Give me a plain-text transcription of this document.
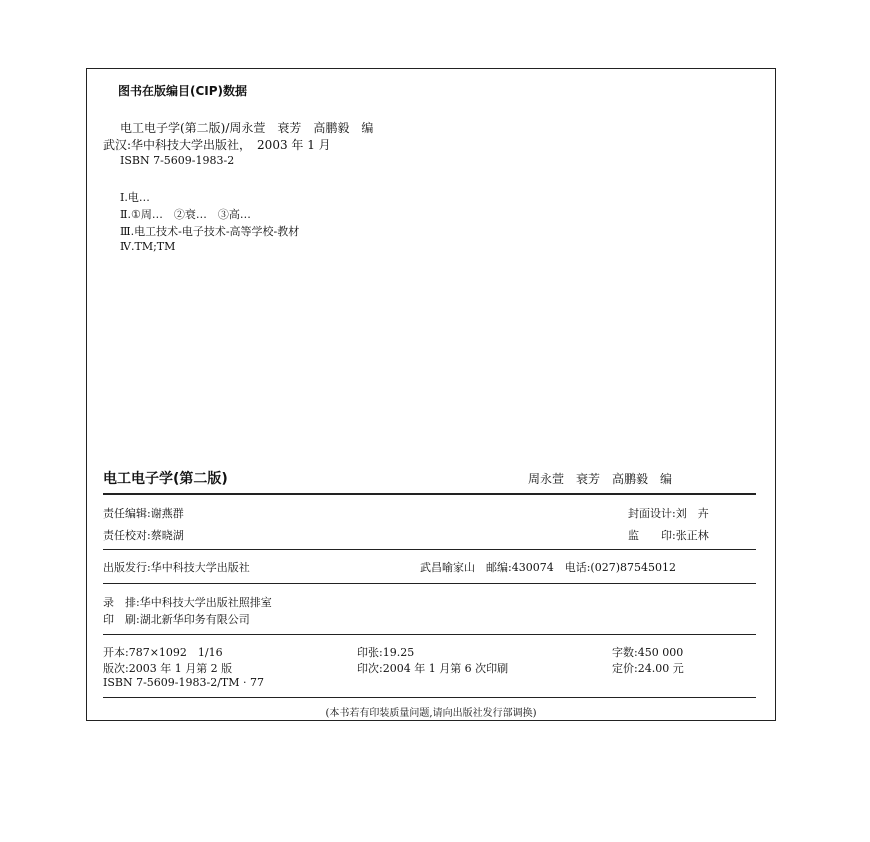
图书在版编目(CIP)数据
电工电子学(第二版)/周永萱　衰芳　高鹏毅　编
武汉:华中科技大学出版社，　2003 年 1 月
ISBN 7-5609-1983-2
Ⅰ.电…
Ⅱ.①周…　②衰…　③高…
Ⅲ.电工技术-电子技术-高等学校-教材
Ⅳ.TM;TM
电工电子学(第二版)	周永萱　衰芳　高鹏毅　编
责任编辑:谢燕群	封面设计:刘　卉
责任校对:蔡晓湖	监　　印:张正林
出版发行:华中科技大学出版社	武昌喻家山　邮编:430074　电话:(027)87545012
录　排:华中科技大学出版社照排室
印　刷:湖北新华印务有限公司
开本:787×1092　1/16	印张:19.25	字数:450 000
版次:2003 年 1 月第 2 版	印次:2004 年 1 月第 6 次印刷	定价:24.00 元
ISBN 7-5609-1983-2/TM · 77
(本书若有印装质量问题,请向出版社发行部调换)
